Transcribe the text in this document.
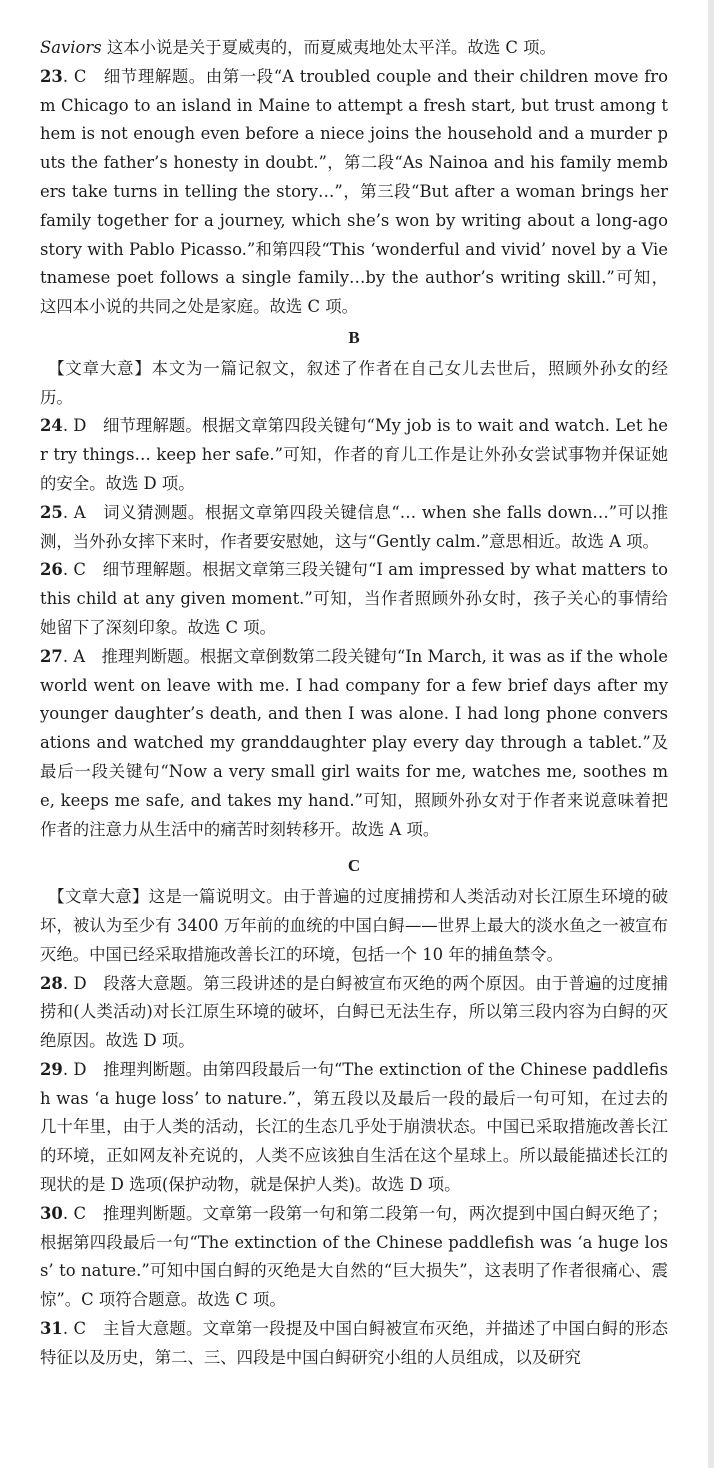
Saviors 这本小说是关于夏威夷的，而夏威夷地处太平洋。故选 C 项。

23. C　细节理解题。由第一段“A troubled couple and their children move from Chicago to an island in Maine to attempt a fresh start, but trust among them is not enough even before a niece joins the household and a murder puts the father’s honesty in doubt.”，第二段“As Nainoa and his family members take turns in telling the story…”，第三段“But after a woman brings her family together for a journey, which she’s won by writing about a long-ago story with Pablo Picasso.”和第四段“This ‘wonderful and vivid’ novel by a Vietnamese poet follows a single family…by the author’s writing skill.”可知，这四本小说的共同之处是家庭。故选 C 项。

B

【文章大意】本文为一篇记叙文，叙述了作者在自己女儿去世后，照顾外孙女的经历。

24. D　细节理解题。根据文章第四段关键句“My job is to wait and watch. Let her try things… keep her safe.”可知，作者的育儿工作是让外孙女尝试事物并保证她的安全。故选 D 项。

25. A　词义猜测题。根据文章第四段关键信息“… when she falls down…”可以推测，当外孙女摔下来时，作者要安慰她，这与“Gently calm.”意思相近。故选 A 项。

26. C　细节理解题。根据文章第三段关键句“I am impressed by what matters to this child at any given moment.”可知，当作者照顾外孙女时，孩子关心的事情给她留下了深刻印象。故选 C 项。

27. A　推理判断题。根据文章倒数第二段关键句“In March, it was as if the whole world went on leave with me. I had company for a few brief days after my younger daughter’s death, and then I was alone. I had long phone conversations and watched my granddaughter play every day through a tablet.”及最后一段关键句“Now a very small girl waits for me, watches me, soothes me, keeps me safe, and takes my hand.”可知，照顾外孙女对于作者来说意味着把作者的注意力从生活中的痛苦时刻转移开。故选 A 项。

C

【文章大意】这是一篇说明文。由于普遍的过度捕捞和人类活动对长江原生环境的破坏，被认为至少有 3400 万年前的血统的中国白鲟——世界上最大的淡水鱼之一被宣布灭绝。中国已经采取措施改善长江的环境，包括一个 10 年的捕鱼禁令。

28. D　段落大意题。第三段讲述的是白鲟被宣布灭绝的两个原因。由于普遍的过度捕捞和(人类活动)对长江原生环境的破坏，白鲟已无法生存，所以第三段内容为白鲟的灭绝原因。故选 D 项。

29. D　推理判断题。由第四段最后一句“The extinction of the Chinese paddlefish was ‘a huge loss’ to nature.”，第五段以及最后一段的最后一句可知，在过去的几十年里，由于人类的活动，长江的生态几乎处于崩溃状态。中国已采取措施改善长江的环境，正如网友补充说的，人类不应该独自生活在这个星球上。所以最能描述长江的现状的是 D 选项(保护动物，就是保护人类)。故选 D 项。

30. C　推理判断题。文章第一段第一句和第二段第一句，两次提到中国白鲟灭绝了；根据第四段最后一句“The extinction of the Chinese paddlefish was ‘a huge loss’ to nature.”可知中国白鲟的灭绝是大自然的“巨大损失”，这表明了作者很痛心、震惊”。C 项符合题意。故选 C 项。

31. C　主旨大意题。文章第一段提及中国白鲟被宣布灭绝，并描述了中国白鲟的形态特征以及历史，第二、三、四段是中国白鲟研究小组的人员组成，以及研究
